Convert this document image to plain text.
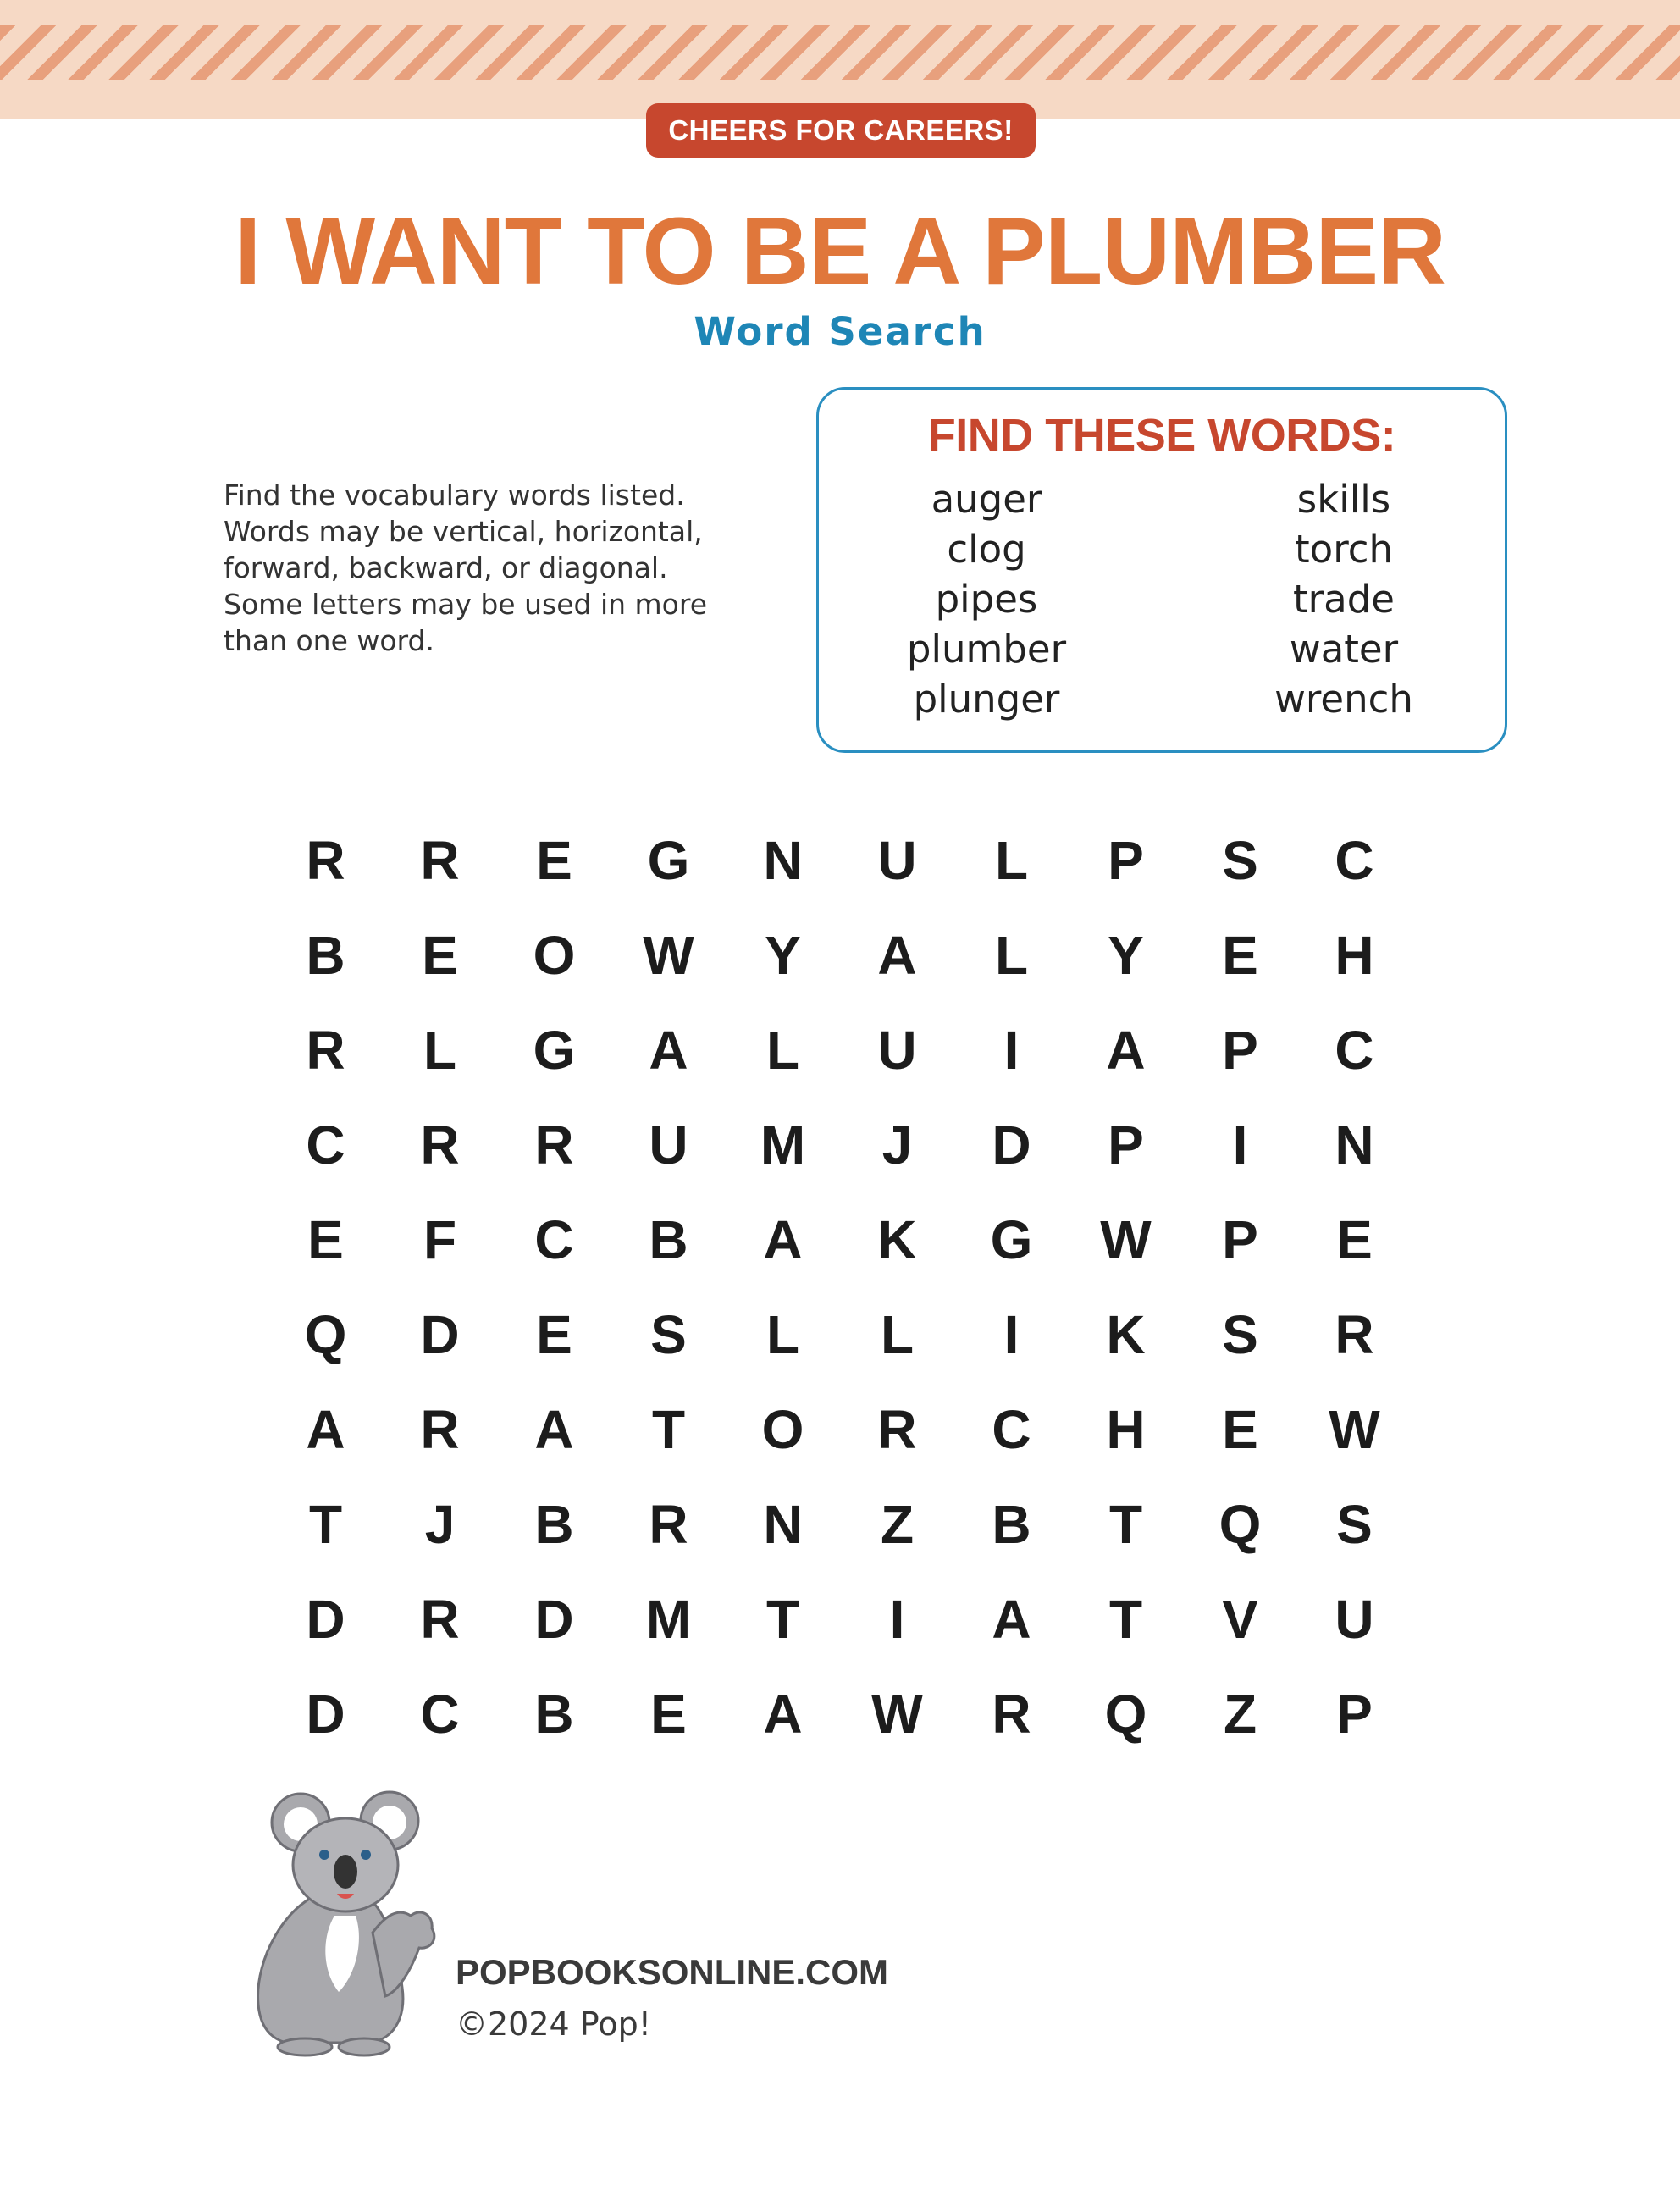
CHEERS FOR CAREERS!
I WANT TO BE A PLUMBER
Word Search

Find the vocabulary words listed.
Words may be vertical, horizontal,
forward, backward, or diagonal.
Some letters may be used in more
than one word.

FIND THESE WORDS:
auger
clog
pipes
plumber
plunger
skills
torch
trade
water
wrench
R	R	E	G	N	U	L	P	S	C
B	E	O	W	Y	A	L	Y	E	H
R	L	G	A	L	U	I	A	P	C
C	R	R	U	M	J	D	P	I	N
E	F	C	B	A	K	G	W	P	E
Q	D	E	S	L	L	I	K	S	R
A	R	A	T	O	R	C	H	E	W
T	J	B	R	N	Z	B	T	Q	S
D	R	D	M	T	I	A	T	V	U
D	C	B	E	A	W	R	Q	Z	P
POPBOOKSONLINE.COM
©2024 Pop!
